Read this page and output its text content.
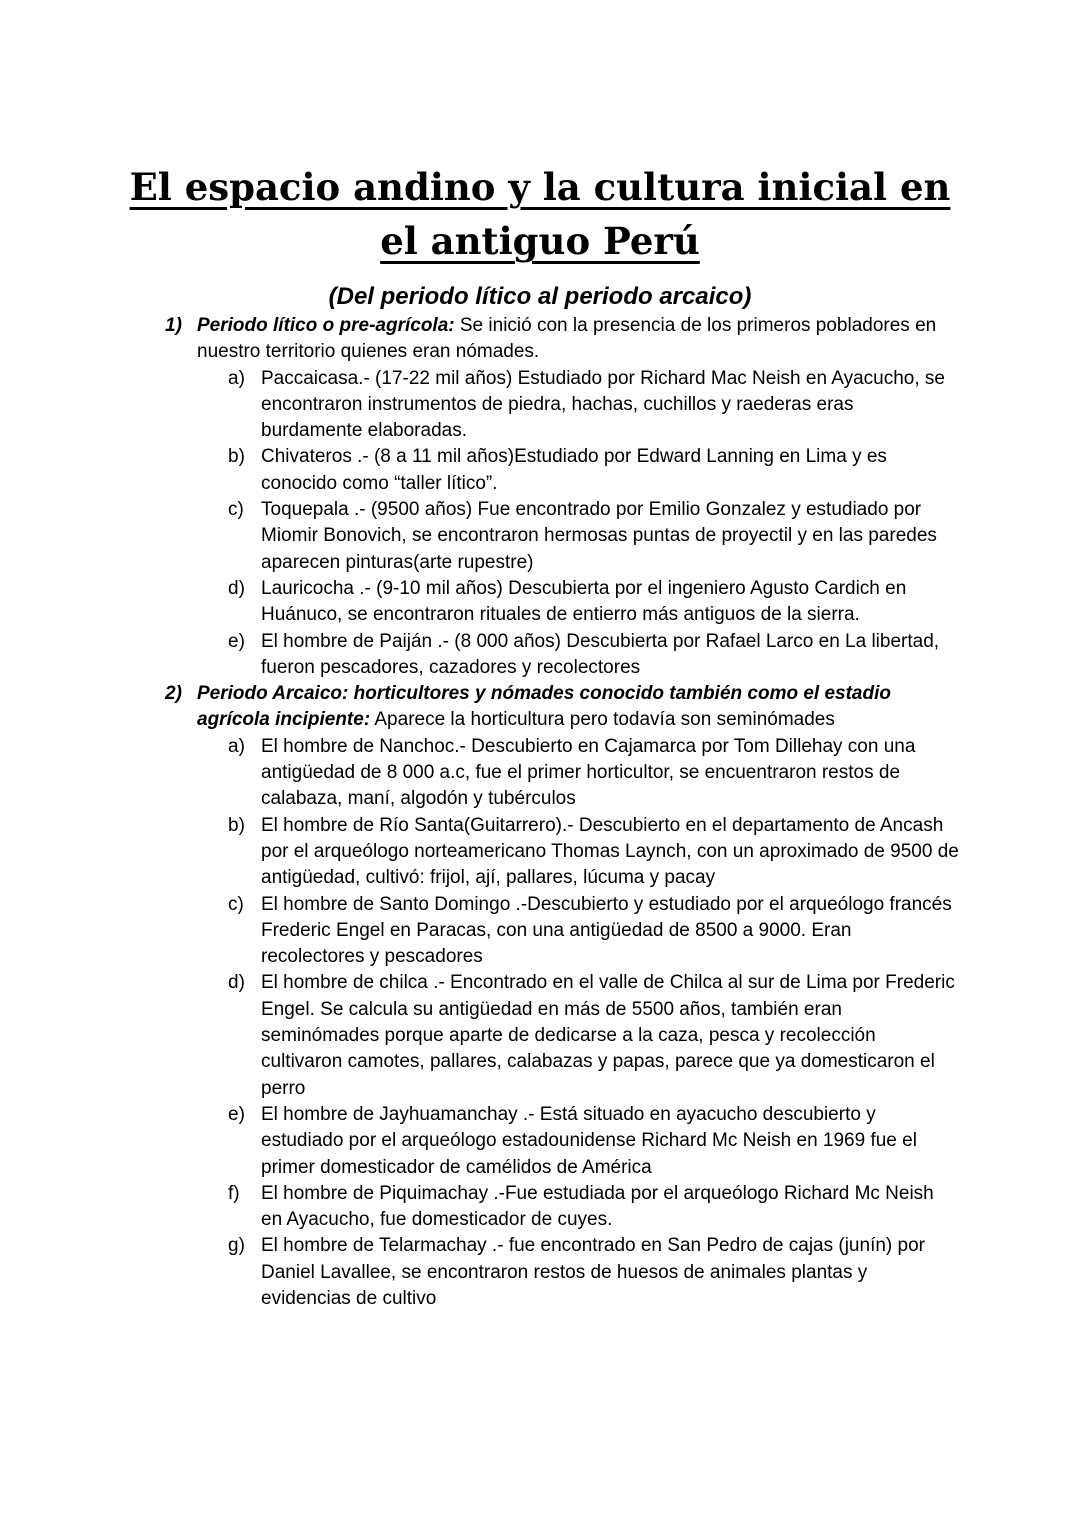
El espacio andino y la cultura inicial en el antiguo Perú
(Del periodo lítico al periodo arcaico)
1) Periodo lítico o pre-agrícola: Se inició con la presencia de los primeros pobladores en nuestro territorio quienes eran nómades.
a) Paccaicasa.- (17-22 mil años) Estudiado por Richard Mac Neish en Ayacucho, se encontraron instrumentos de piedra, hachas, cuchillos y raederas eras burdamente elaboradas.
b) Chivateros .- (8 a 11 mil años)Estudiado por Edward Lanning en Lima y es conocido como “taller lítico”.
c) Toquepala .- (9500 años) Fue encontrado por Emilio Gonzalez y estudiado por Miomir Bonovich, se encontraron hermosas puntas de proyectil y en las paredes aparecen pinturas(arte rupestre)
d) Lauricocha .- (9-10 mil años) Descubierta por el ingeniero Agusto Cardich en Huánuco, se encontraron rituales de entierro más antiguos de la sierra.
e) El hombre de Paiján .- (8 000 años) Descubierta por Rafael Larco en La libertad, fueron pescadores, cazadores y recolectores
2) Periodo Arcaico: horticultores y nómades conocido también como el estadio agrícola incipiente: Aparece la horticultura pero todavía son seminómades
a) El hombre de Nanchoc.- Descubierto en Cajamarca por Tom Dillehay con una antigüedad de 8 000 a.c, fue el primer horticultor, se encuentraron restos de calabaza, maní, algodón y tubérculos
b) El hombre de Río Santa(Guitarrero).- Descubierto en el departamento de Ancash por el arqueólogo norteamericano Thomas Laynch, con un aproximado de 9500 de antigüedad, cultivó: frijol, ají, pallares, lúcuma y pacay
c) El hombre de Santo Domingo .-Descubierto y estudiado por el arqueólogo francés Frederic Engel en Paracas, con una antigüedad de 8500 a 9000. Eran recolectores y pescadores
d) El hombre de chilca .- Encontrado en el valle de Chilca al sur de Lima por Frederic Engel. Se calcula su antigüedad en más de 5500 años, también eran seminómades porque aparte de dedicarse a la caza, pesca y recolección cultivaron camotes, pallares, calabazas y papas, parece que ya domesticaron el perro
e) El hombre de Jayhuamanchay .- Está situado en ayacucho descubierto y estudiado por el arqueólogo estadounidense Richard Mc Neish en 1969 fue el primer domesticador de camélidos de América
f)	El hombre de Piquimachay .-Fue estudiada por el arqueólogo Richard Mc Neish en Ayacucho, fue domesticador de cuyes.
g) El hombre de Telarmachay .- fue encontrado en San Pedro de cajas (junín) por Daniel Lavallee, se encontraron restos de huesos de animales plantas y evidencias de cultivo
